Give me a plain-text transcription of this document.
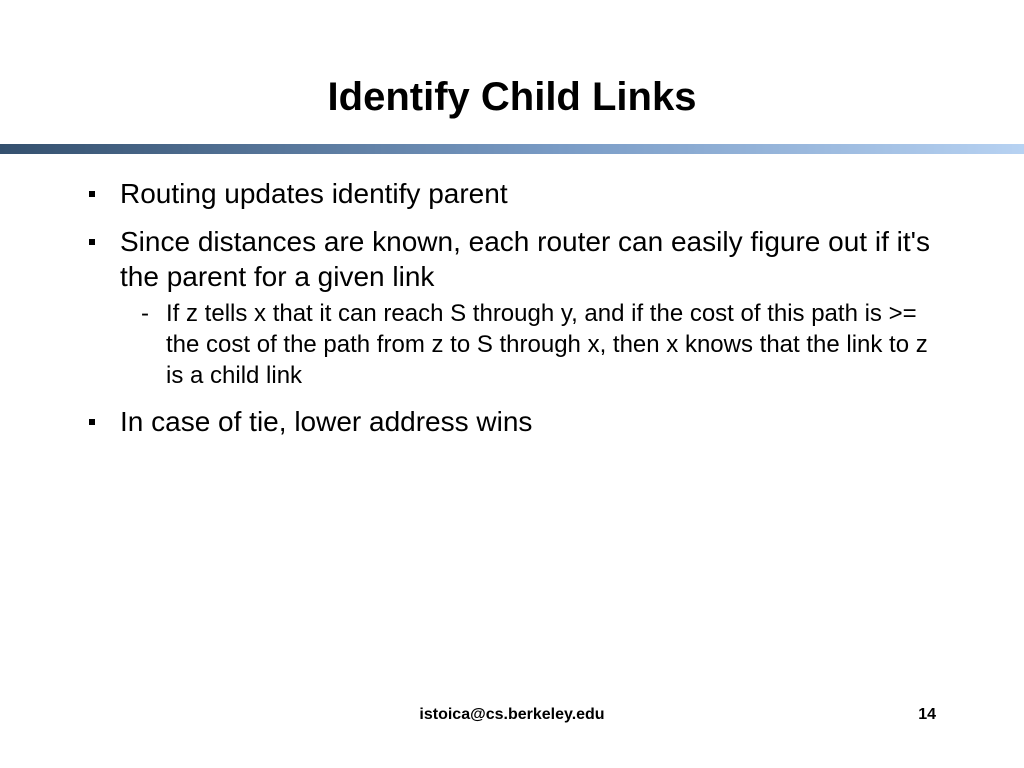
Identify Child Links
Routing updates identify parent
Since distances are known, each router can easily figure out if it's the parent for a given link
- If z tells x that it can reach S through y, and if the cost of this path is >= the cost of the path from z to S through x, then x knows that the link to z is a child link
In case of tie, lower address wins
istoica@cs.berkeley.edu	14
